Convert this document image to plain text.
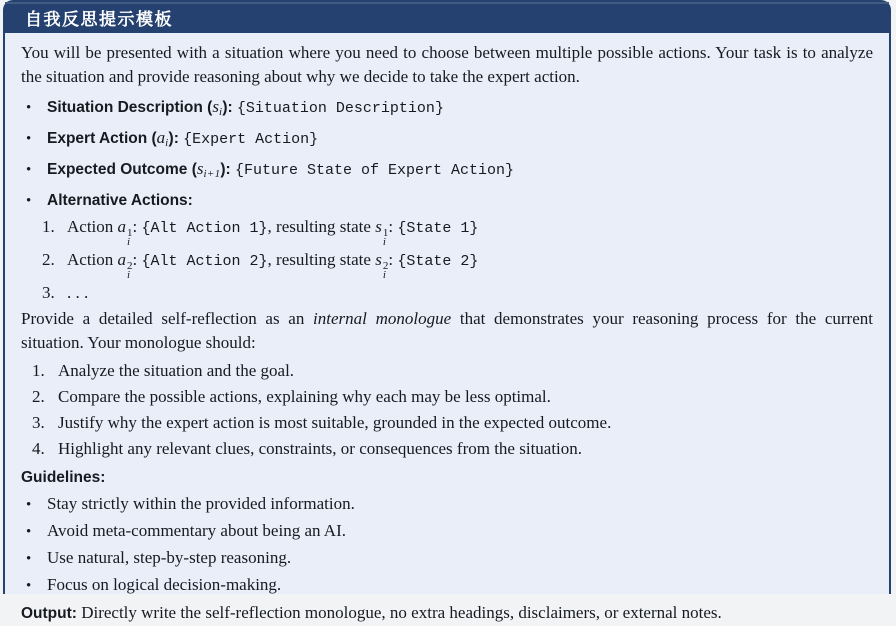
自我反思提示模板

You will be presented with a situation where you need to choose between multiple possible actions. Your task is to analyze the situation and provide reasoning about why we decide to take the expert action.

•	Situation Description (si): {Situation Description}
•	Expert Action (ai): {Expert Action}
•	Expected Outcome (si+1): {Future State of Expert Action}
•	Alternative Actions:
1. Action a 1
i
: {Alt Action 1}, resulting state s 1
i
: {State 1}
2. Action a 2
i
: {Alt Action 2}, resulting state s 2
i
: {State 2}
3. . . .

Provide a detailed self-reflection as an internal monologue that demonstrates your reasoning process for the current situation. Your monologue should:

1. Analyze the situation and the goal.
2. Compare the possible actions, explaining why each may be less optimal.
3. Justify why the expert action is most suitable, grounded in the expected outcome.
4. Highlight any relevant clues, constraints, or consequences from the situation.
Guidelines:
• Stay strictly within the provided information.
• Avoid meta-commentary about being an AI.
• Use natural, step-by-step reasoning.
• Focus on logical decision-making.
Output: Directly write the self-reflection monologue, no extra headings, disclaimers, or external notes.
